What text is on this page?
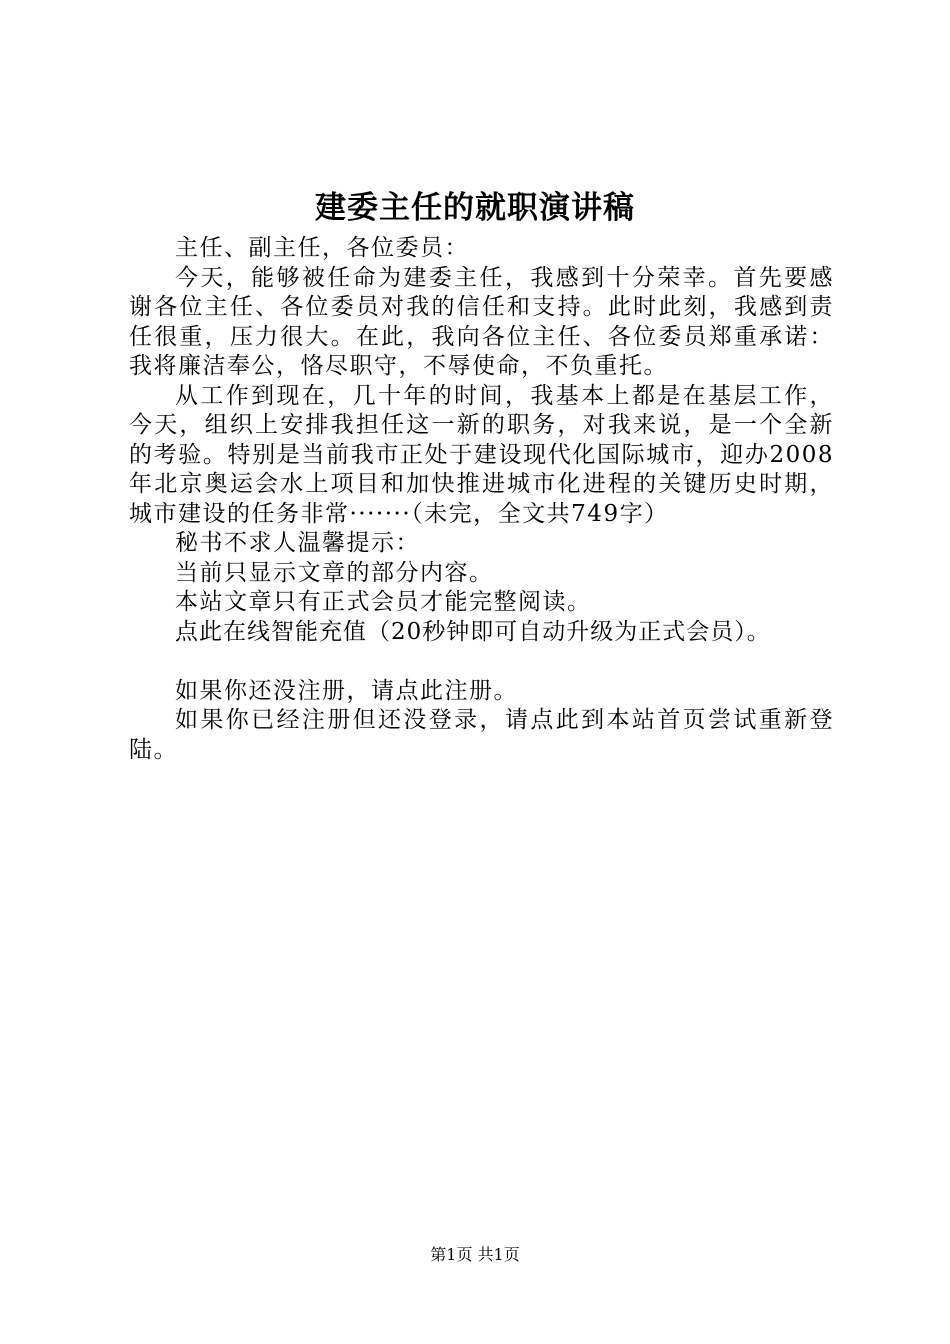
建委主任的就职演讲稿

主任、副主任，各位委员：

今天，能够被任命为建委主任，我感到十分荣幸。首先要感谢各位主任、各位委员对我的信任和支持。此时此刻，我感到责任很重，压力很大。在此，我向各位主任、各位委员郑重承诺：我将廉洁奉公，恪尽职守，不辱使命，不负重托。

从工作到现在，几十年的时间，我基本上都是在基层工作，今天，组织上安排我担任这一新的职务，对我来说，是一个全新的考验。特别是当前我市正处于建设现代化国际城市，迎办2008年北京奥运会水上项目和加快推进城市化进程的关键历史时期，城市建设的任务非常·······（未完，全文共749字）

秘书不求人温馨提示：

当前只显示文章的部分内容。

本站文章只有正式会员才能完整阅读。

点此在线智能充值（20秒钟即可自动升级为正式会员）。

如果你还没注册，请点此注册。

如果你已经注册但还没登录，请点此到本站首页尝试重新登陆。

第1页 共1页
